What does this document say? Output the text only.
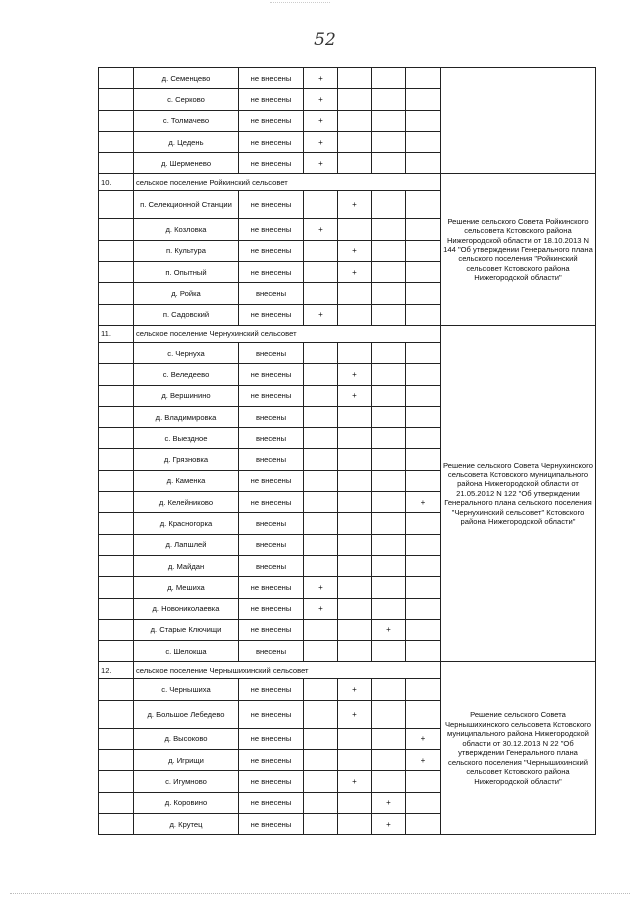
52
	д. Семенцево	не внесены	+				
	с. Серково	не внесены	+				
	с. Толмачево	не внесены	+				
	д. Цедень	не внесены	+				
	д. Шерменево	не внесены	+				
10.	сельское поселение Ройкинский сельсовет						Решение сельского Совета Ройкинского сельсовета Кстовского района Нижегородской области от 18.10.2013 N 144 "Об утверждении Генерального плана сельского поселения "Ройкинский сельсовет Кстовского района Нижегородской области"
	п. Селекционной Станции	не внесены		+			
	д. Козловка	не внесены	+				
	п. Культура	не внесены		+			
	п. Опытный	не внесены		+			
	д. Ройка	внесены					
	п. Садовский	не внесены	+				
11.	сельское поселение Чернухинский сельсовет						Решение сельского Совета Чернухинского сельсовета Кстовского муниципального района Нижегородской области от 21.05.2012 N 122 "Об утверждении Генерального плана сельского поселения "Чернухинский сельсовет" Кстовского района Нижегородской области"
	с. Чернуха	внесены					
	с. Веледеево	не внесены		+			
	д. Вершинино	не внесены		+			
	д. Владимировка	внесены					
	с. Выездное	внесены					
	д. Грязновка	внесены					
	д. Каменка	не внесены					
	д. Келейниково	не внесены				+	
	д. Красногорка	внесены					
	д. Лапшлей	внесены					
	д. Майдан	внесены					
	д. Мешиха	не внесены	+				
	д. Новониколаевка	не внесены	+				
	д. Старые Ключищи	не внесены			+		
	с. Шелокша	внесены					
12.	сельское поселение Чернышихинский сельсовет						Решение сельского Совета Чернышихинского сельсовета Кстовского муниципального района Нижегородской области от 30.12.2013 N 22 "Об утверждении Генерального плана сельского поселения "Чернышихинский сельсовет Кстовского района Нижегородской области"
	с. Чернышиха	не внесены		+			
	д. Большое Лебедево	не внесены		+			
	д. Высоково	не внесены				+	
	д. Игрищи	не внесены				+	
	с. Игумново	не внесены		+			
	д. Коровино	не внесены			+		
	д. Крутец	не внесены			+		
